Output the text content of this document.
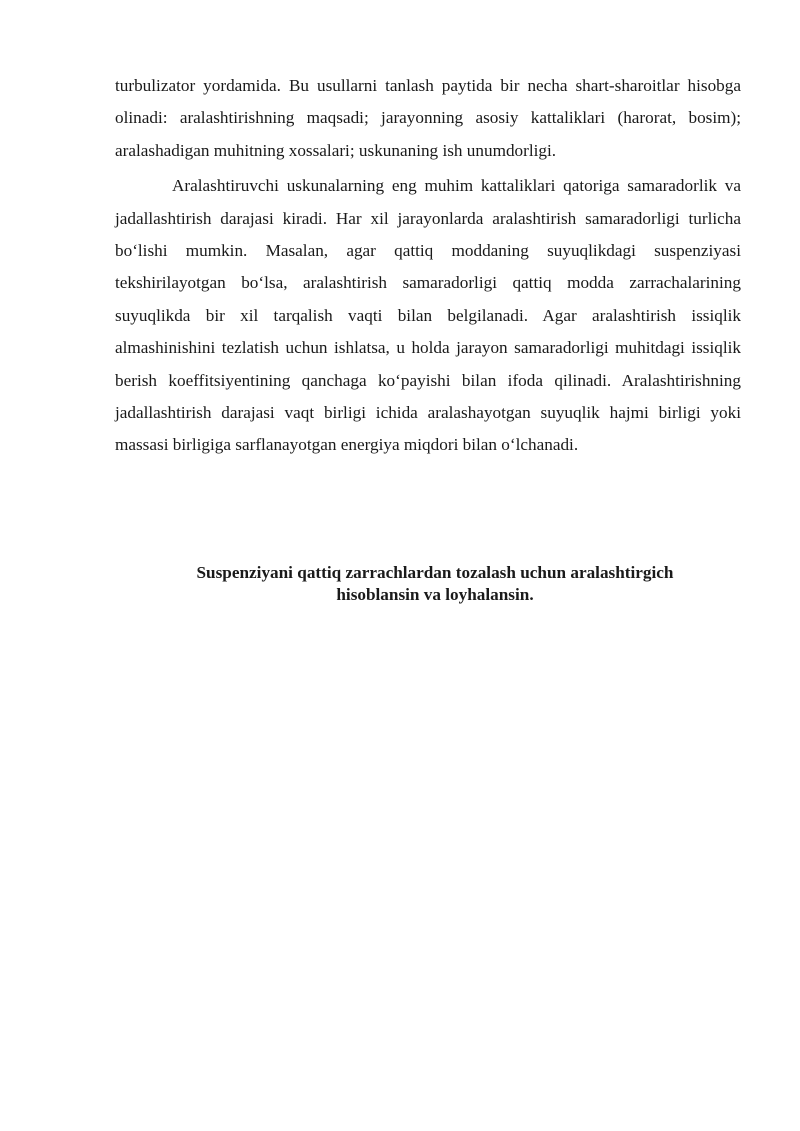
turbulizator yordamida. Bu usullarni tanlash paytida bir necha shart-sharoitlar hisobga olinadi: aralashtirishning maqsadi; jarayonning asosiy kattaliklari (harorat, bosim); aralashadigan muhitning xossalari; uskunaning ish unumdorligi.

Aralashtiruvchi uskunalarning eng muhim kattaliklari qatoriga samaradorlik va jadallashtirish darajasi kiradi. Har xil jarayonlarda aralashtirish samaradorligi turlicha bo‘lishi mumkin. Masalan, agar qattiq moddaning suyuqlikdagi suspenziyasi tekshirilayotgan bo‘lsa, aralashtirish samaradorligi qattiq modda zarrachalarining suyuqlikda bir xil tarqalish vaqti bilan belgilanadi. Agar aralashtirish issiqlik almashinishini tezlatish uchun ishlatsa, u holda jarayon samaradorligi muhitdagi issiqlik berish koeffitsiyentining qanchaga ko‘payishi bilan ifoda qilinadi. Aralashtirishning jadallashtirish darajasi vaqt birligi ichida aralashayotgan suyuqlik hajmi birligi yoki massasi birligiga sarflanayotgan energiya miqdori bilan o‘lchanadi.

Suspenziyani qattiq zarrachlardan tozalash uchun aralashtirgich
hisoblansin va loyhalansin.
